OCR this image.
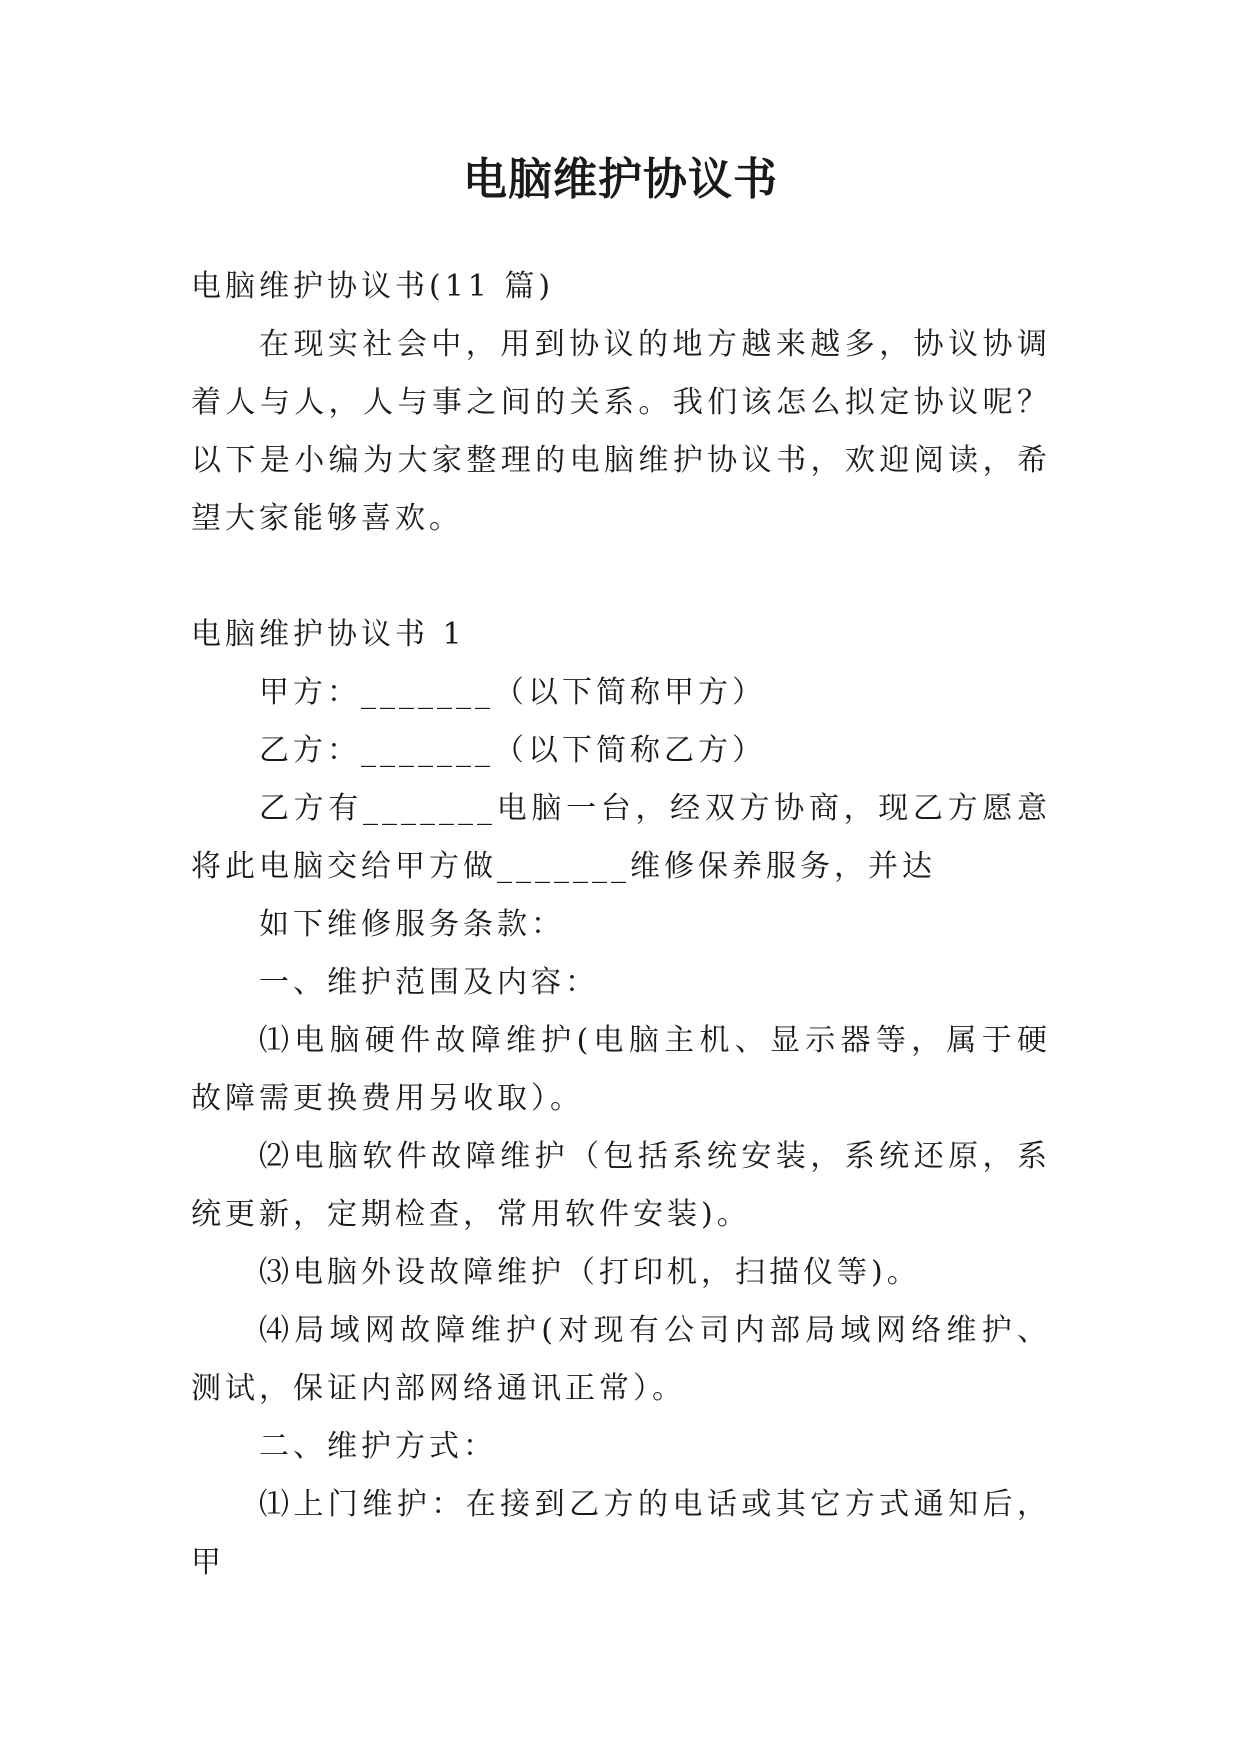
电脑维护协议书

电脑维护协议书(11 篇)

在现实社会中，用到协议的地方越来越多，协议协调着人与人，人与事之间的关系。我们该怎么拟定协议呢？以下是小编为大家整理的电脑维护协议书，欢迎阅读，希望大家能够喜欢。

电脑维护协议书 1

甲方：_______（以下简称甲方）

乙方：_______（以下简称乙方）

乙方有_______电脑一台，经双方协商，现乙方愿意将此电脑交给甲方做_______维修保养服务，并达

如下维修服务条款：

一、维护范围及内容：

⑴电脑硬件故障维护(电脑主机、显示器等，属于硬故障需更换费用另收取）。

⑵电脑软件故障维护（包括系统安装，系统还原，系统更新，定期检查，常用软件安装)。

⑶电脑外设故障维护（打印机，扫描仪等)。

⑷局域网故障维护(对现有公司内部局域网络维护、测试，保证内部网络通讯正常）。

二、维护方式：

⑴上门维护：在接到乙方的电话或其它方式通知后，甲
